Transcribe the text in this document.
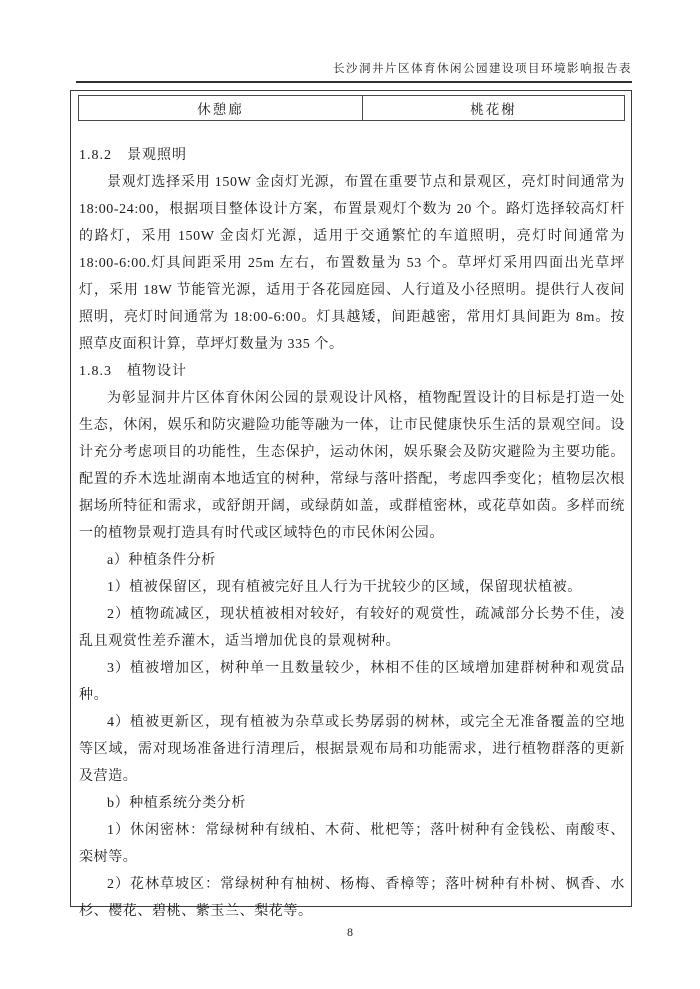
长沙洞井片区体育休闲公园建设项目环境影响报告表
休憩廊	桃花榭
1.8.2　景观照明

景观灯选择采用 150W 金卤灯光源，布置在重要节点和景观区，亮灯时间通常为 18:00-24:00，根据项目整体设计方案，布置景观灯个数为 20 个。路灯选择较高灯杆的路灯，采用 150W 金卤灯光源，适用于交通繁忙的车道照明，亮灯时间通常为 18:00-6:00.灯具间距采用 25m 左右，布置数量为 53 个。草坪灯采用四面出光草坪灯，采用 18W 节能管光源，适用于各花园庭园、人行道及小径照明。提供行人夜间照明，亮灯时间通常为 18:00-6:00。灯具越矮，间距越密，常用灯具间距为 8m。按照草皮面积计算，草坪灯数量为 335 个。

1.8.3　植物设计

为彰显洞井片区体育休闲公园的景观设计风格，植物配置设计的目标是打造一处生态，休闲，娱乐和防灾避险功能等融为一体，让市民健康快乐生活的景观空间。设计充分考虑项目的功能性，生态保护，运动休闲，娱乐聚会及防灾避险为主要功能。配置的乔木选址湖南本地适宜的树种，常绿与落叶搭配，考虑四季变化；植物层次根据场所特征和需求，或舒朗开阔，或绿荫如盖，或群植密林，或花草如茵。多样而统一的植物景观打造具有时代或区域特色的市民休闲公园。

a）种植条件分析

1）植被保留区，现有植被完好且人行为干扰较少的区域，保留现状植被。

2）植物疏减区，现状植被相对较好，有较好的观赏性，疏减部分长势不佳，凌乱且观赏性差乔灌木，适当增加优良的景观树种。

3）植被增加区，树种单一且数量较少，林相不佳的区域增加建群树种和观赏品种。

4）植被更新区，现有植被为杂草或长势孱弱的树林，或完全无准备覆盖的空地等区域，需对现场准备进行清理后，根据景观布局和功能需求，进行植物群落的更新及营造。

b）种植系统分类分析

1）休闲密林：常绿树种有绒柏、木荷、枇杷等；落叶树种有金钱松、南酸枣、栾树等。

2）花林草坡区：常绿树种有柚树、杨梅、香樟等；落叶树种有朴树、枫香、水杉、樱花、碧桃、紫玉兰、梨花等。

8
